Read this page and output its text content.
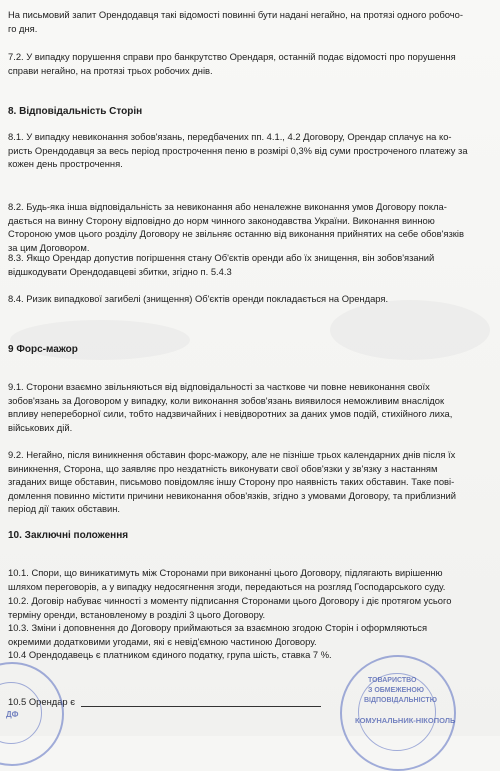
На письмовий запит Орендодавця такі відомості повинні бути надані негайно, на протязі одного робочо-
го дня.
7.2. У випадку порушення справи про банкрутство Орендаря, останній подає відомості про порушення
справи негайно, на протязі трьох робочих днів.
8. Відповідальність Сторін
8.1. У випадку невиконання зобов'язань, передбачених пп. 4.1., 4.2 Договору, Орендар сплачує на ко-
ристь Орендодавця за весь період прострочення пеню в розмірі 0,3% від суми простроченого платежу за
кожен день прострочення.
8.2. Будь-яка інша відповідальність за невиконання або неналежне виконання умов Договору покла-
дається на винну Сторону відповідно до норм чинного законодавства України. Виконання винною
Стороною умов цього розділу Договору не звільняє останню від виконання прийнятих на себе обов'язків
за цим Договором.
8.3. Якщо Орендар допустив погіршення стану Об'єктів оренди або їх знищення, він зобов'язаний
відшкодувати Орендодавцеві збитки, згідно п. 5.4.3
8.4. Ризик випадкової загибелі (знищення) Об'єктів оренди покладається на Орендаря.
9 Форс-мажор
9.1. Сторони взаємно звільняються від відповідальності за часткове чи повне невиконання своїх
зобов'язань за Договором у випадку, коли виконання зобов'язань виявилося неможливим внаслідок
впливу непереборної сили, тобто надзвичайних і невідворотних за даних умов подій, стихійного лиха,
військових дій.
9.2. Негайно, після виникнення обставин форс-мажору, але не пізніше трьох календарних днів після їх
виникнення, Сторона, що заявляє про нездатність виконувати свої обов'язки у зв'язку з настанням
згаданих вище обставин, письмово повідомляє іншу Сторону про наявність таких обставин. Таке пові-
домлення повинно містити причини невиконання обов'язків, згідно з умовами Договору, та приблизний
період дії таких обставин.
10. Заключні положення
10.1. Спори, що виникатимуть між Сторонами при виконанні цього Договору, підлягають вирішенню
шляхом переговорів, а у випадку недосягнення згоди, передаються на розгляд Господарського суду.
10.2. Договір набуває чинності з моменту підписання Сторонами цього Договору і діє протягом усього
терміну оренди, встановленому в розділі 3 цього Договору.
10.3. Зміни і доповнення до Договору приймаються за взаємною згодою Сторін і оформляються
окремими додатковими угодами, які є невід'ємною частиною Договору.
10.4 Орендодавець є платником єдиного податку, група шість, ставка 7 %.
10.5 Орендар є
ДФ
ТОВАРИСТВО
З ОБМЕЖЕНОЮ
ВІДПОВІДАЛЬНІСТЮ
КОМУНАЛЬНИК-НІКОПОЛЬ
